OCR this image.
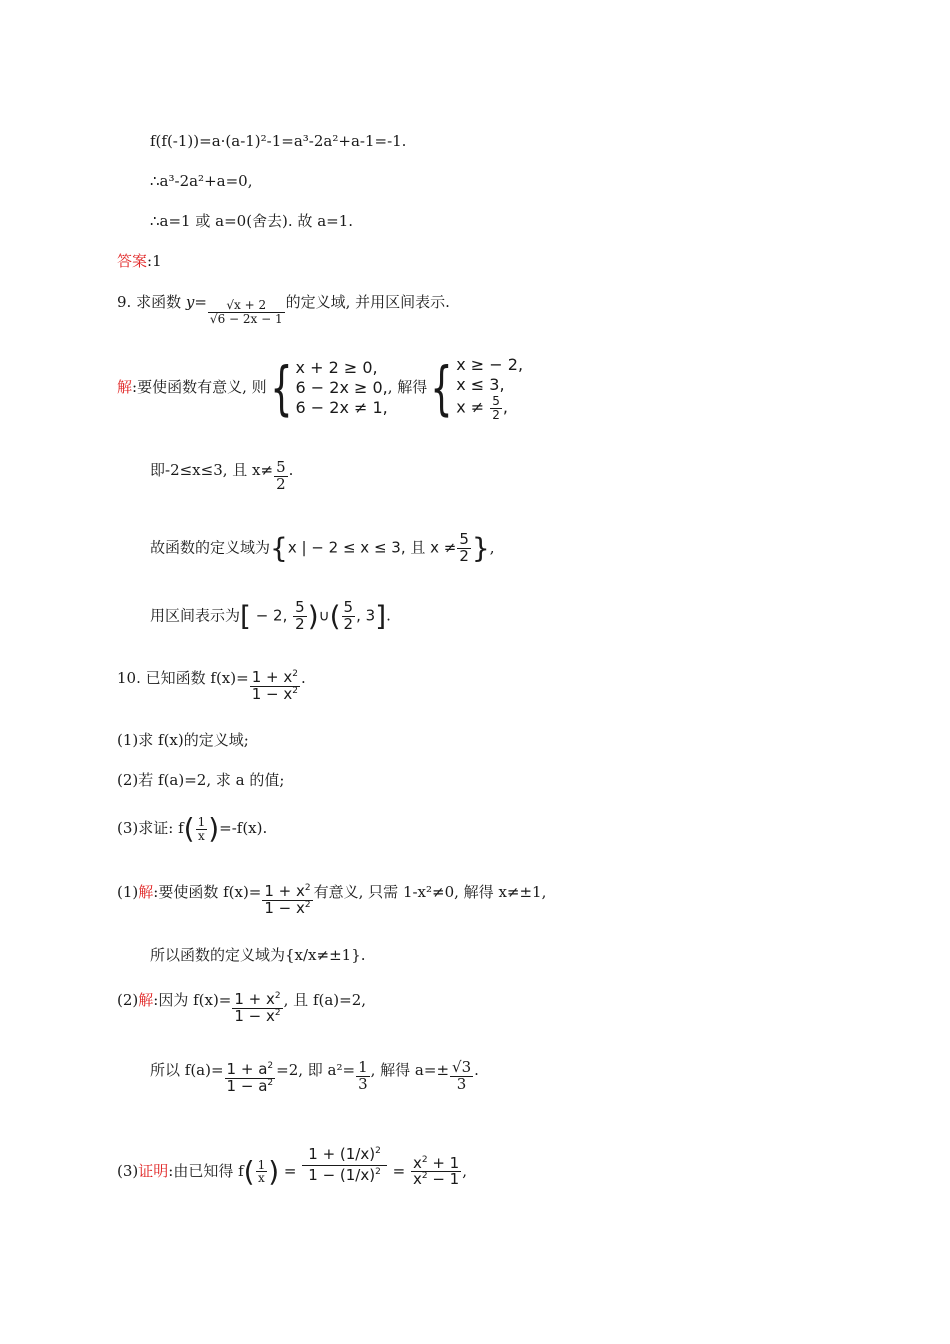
f(f(-1))=a·(a-1)²-1=a³-2a²+a-1=-1.
∴a³-2a²+a=0,
∴a=1 或 a=0(舍去). 故 a=1.
答案:1
9. 求函数 $y= \frac{√x + 2}{√6 - 2x - 1}$ 的定义域, 并用区间表示.
解:要使函数有意义, 则{ x + 2 ≥ 0,
6 − 2x ≥ 0,
6 − 2x ≠ 1,
, 解得{ x ≥ − 2,
x ≤ 3,
$x \ne \frac{5}{2}$ ,
即-2≤x≤3, 且 $x\ne \frac{5}{2}$ .
故函数的定义域为{x | − 2 ≤ x ≤ 3, 且 $x \ne \frac{5}{2}$ },
用区间表示为[ − 2, $\frac{5}{2}$ )∪( $\frac{5}{2}$ , 3].
10. 已知函数 $f(x)= \frac{1 + x^2}{1 - x^2}$ .
(1)求 f(x)的定义域;
(2)若 f(a)=2, 求 a 的值;
(3)求证: $f( \frac{1}{x} )=-f(x)$.
(1)解:要使函数 $f(x)= \frac{1 + x^2}{1 - x^2}$ 有意义, 只需 1-x²≠0, 解得 x≠±1,
所以函数的定义域为{x/x≠±1}.
(2)解:因为 $f(x)= \frac{1 + x^2}{1 - x^2}$ , 且 f(a)=2,
所以 $f(a)= \frac{1 + a^2}{1 - a^2} =2$, 即 $a^2= \frac{1}{3}$ , 解得 $a=\pm \frac{√3}{3}$ .
(3)证明:由已知得 $f( \frac{1}{x}$ ) = $\frac{1 + (1/x)^2}{1 - (1/x)^2} = \frac{x^2 + 1}{x^2 - 1}$ ,
